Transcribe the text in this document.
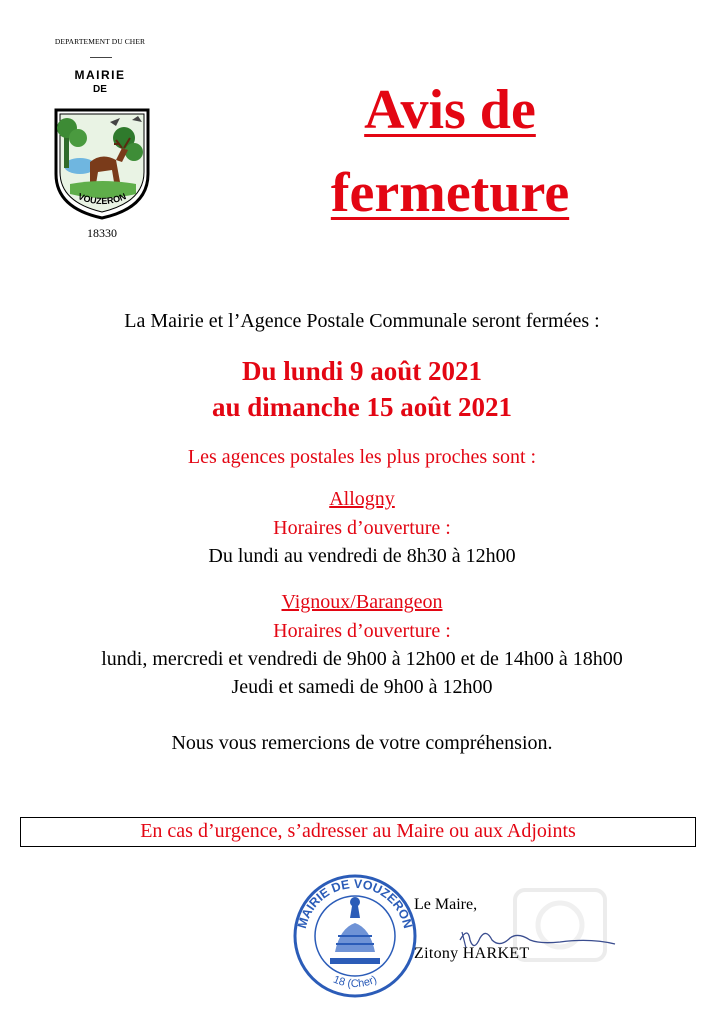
DEPARTEMENT DU CHER
MAIRIE
DE
VOUZERON
18330
Avis de
fermeture
La Mairie et l’Agence Postale Communale seront fermées :
Du lundi 9 août 2021
au dimanche 15 août 2021
Les agences postales les plus proches sont :
Allogny
Horaires d’ouverture :
Du lundi au vendredi de 8h30 à 12h00
Vignoux/Barangeon
Horaires d’ouverture :
lundi, mercredi et vendredi de 9h00 à 12h00 et de 14h00 à 18h00
Jeudi et samedi de 9h00 à 12h00
Nous vous remercions de votre compréhension.
En cas d’urgence, s’adresser au Maire ou aux Adjoints
MAIRIE DE VOUZERON
18 (Cher)
Le Maire,
Zitony HARKET
